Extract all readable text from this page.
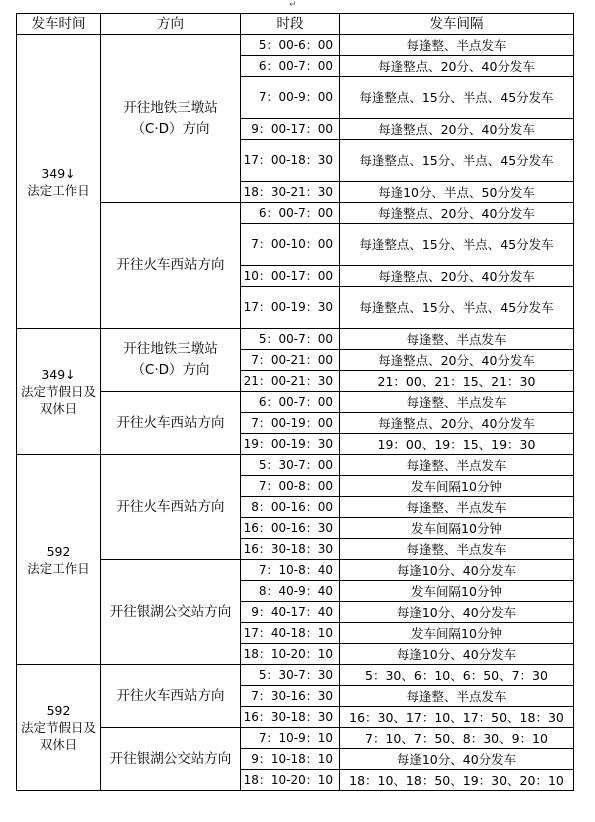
↵
发车时间	方向	时段	发车间隔

349↓
法定工作日	开往地铁三墩站（C·D）方向	5：00-6：00	每逢整、半点发车
		6：00-7：00	每逢整点、20分、40分发车
		7：00-9：00	每逢整点、15分、半点、45分发车
		9：00-17：00	每逢整点、20分、40分发车
		17：00-18：30	每逢整点、15分、半点、45分发车
		18：30-21：30	每逢10分、半点、50分发车
	开往火车西站方向	6：00-7：00	每逢整点、20分、40分发车
		7：00-10：00	每逢整点、15分、半点、45分发车
		10：00-17：00	每逢整点、20分、40分发车
		17：00-19：30	每逢整点、15分、半点、45分发车

349↓
法定节假日及双休日	开往地铁三墩站（C·D）方向	5：00-7：00	每逢整、半点发车
		7：00-21：00	每逢整点、20分、40分发车
		21：00-21：30	21：00、21：15、21：30
	开往火车西站方向	6：00-7：00	每逢整、半点发车
		7：00-19：00	每逢整点、20分、40分发车
		19：00-19：30	19：00、19：15、19：30

592
法定工作日	开往火车西站方向	5：30-7：00	每逢整、半点发车
		7：00-8：00	发车间隔10分钟
		8：00-16：00	每逢整、半点发车
		16：00-16：30	发车间隔10分钟
		16：30-18：30	每逢整、半点发车
	开往银湖公交站方向	7：10-8：40	每逢10分、40分发车
		8：40-9：40	发车间隔10分钟
		9：40-17：40	每逢10分、40分发车
		17：40-18：10	发车间隔10分钟
		18：10-20：10	每逢10分、40分发车

592
法定节假日及双休日	开往火车西站方向	5：30-7：30	5：30、6：10、6：50、7：30
		7：30-16：30	每逢整、半点发车
		16：30-18：30	16：30、17：10、17：50、18：30
	开往银湖公交站方向	7：10-9：10	7：10、7：50、8：30、9：10
		9：10-18：10	每逢10分、40分发车
		18：10-20：10	18：10、18：50、19：30、20：10
